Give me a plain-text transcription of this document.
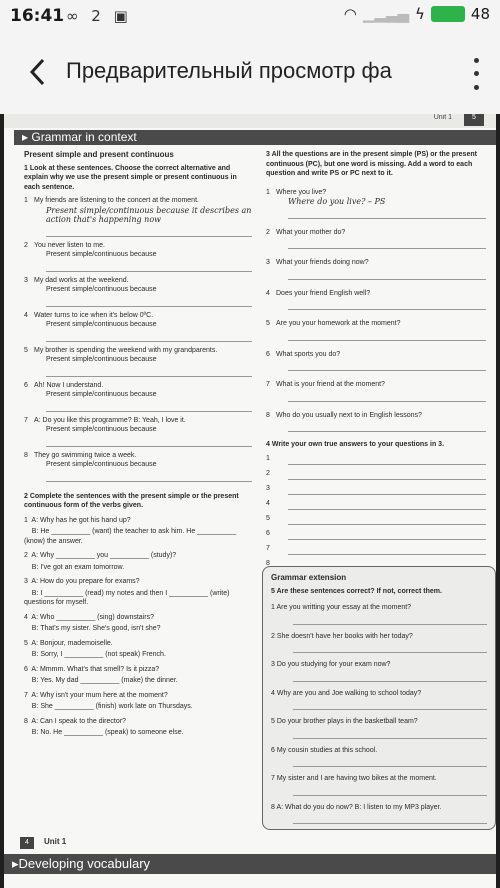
16:41 ∞ 2 ▣	◠ ▁▂▃▄ ϟ	48
Предварительный просмотр фа
Unit 1	5
▸ Grammar in context
Present simple and present continuous
1 Look at these sentences. Choose the correct alternative and explain why we use the present simple or present continuous in each sentence.
1 My friends are listening to the concert at the moment.
Present simple/continuous because it describes an action that's happening now
2 You never listen to me.
Present simple/continuous because
3 My dad works at the weekend.
Present simple/continuous because
4 Water turns to ice when it's below 0ºC.
Present simple/continuous because
5 My brother is spending the weekend with my grandparents.
Present simple/continuous because
6 Ah! Now I understand.
Present simple/continuous because
7 A: Do you like this programme? B: Yeah, I love it.
Present simple/continuous because
8 They go swimming twice a week.
Present simple/continuous because
2 Complete the sentences with the present simple or the present continuous form of the verbs given.
1  A: Why has he got his hand up?
B: He __________ (want) the teacher to ask him. He __________ (know) the answer.
2  A: Why __________ you __________ (study)?
B: I've got an exam tomorrow.
3  A: How do you prepare for exams?
B: I __________ (read) my notes and then I __________ (write) questions for myself.
4  A: Who __________ (sing) downstairs?
B: That's my sister. She's good, isn't she?
5  A: Bonjour, mademoiselle.
B: Sorry, I __________ (not speak) French.
6  A: Mmmm. What's that smell? Is it pizza?
B: Yes. My dad __________ (make) the dinner.
7  A: Why isn't your mum here at the moment?
B: She __________ (finish) work late on Thursdays.
8  A: Can I speak to the director?
B: No. He __________ (speak) to someone else.
3 All the questions are in the present simple (PS) or the present continuous (PC), but one word is missing. Add a word to each question and write PS or PC next to it.
1 Where you live?
Where do you live? – PS
2 What your mother do?
3 What your friends doing now?
4 Does your friend English well?
5 Are you your homework at the moment?
6 What sports you do?
7 What is your friend at the moment?
8 Who do you usually next to in English lessons?
4 Write your own true answers to your questions in 3.
1
2
3
4
5
6
7
8
Grammar extension
5 Are these sentences correct? If not, correct them.
1 Are you writting your essay at the moment?
2 She doesn't have her books with her today?
3 Do you studying for your exam now?
4 Why are you and Joe walking to school today?
5 Do your brother plays in the basketball team?
6 My cousin studies at this school.
7 My sister and I are having two bikes at the moment.
8 A: What do you do now? B: I listen to my MP3 player.
4	Unit 1
▸Developing vocabulary
